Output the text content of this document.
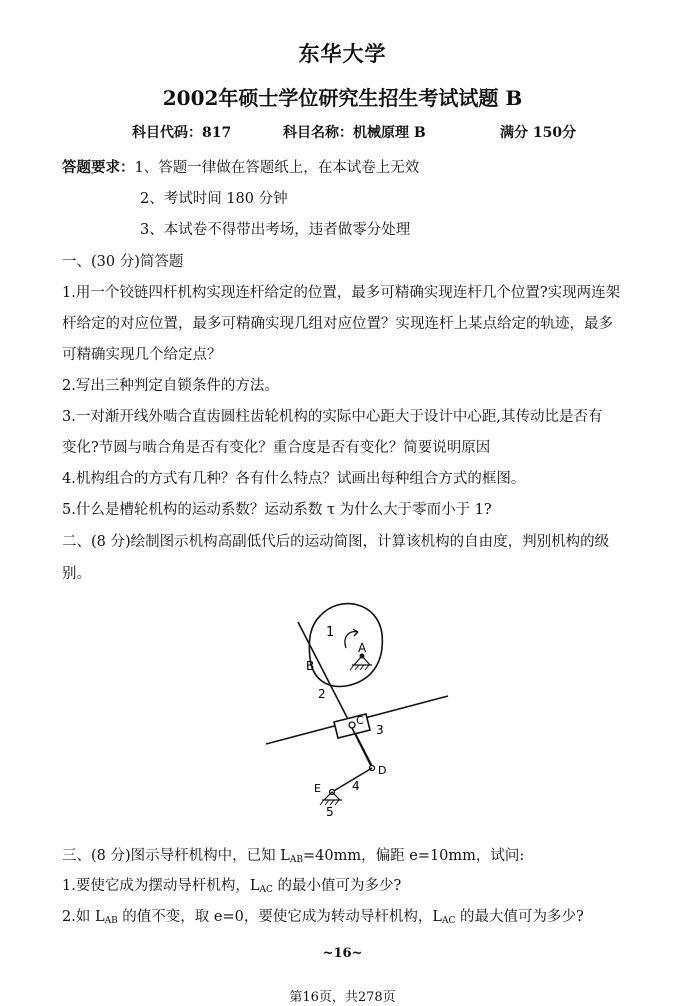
东华大学
2002年硕士学位研究生招生考试试题 B
科目代码：817	科目名称：机械原理 B	满分 150分
答题要求：1、答题一律做在答题纸上，在本试卷上无效
2、考试时间 180 分钟
3、本试卷不得带出考场，违者做零分处理
一、(30 分)简答题
1.用一个铰链四杆机构实现连杆给定的位置，最多可精确实现连杆几个位置?实现两连架
杆给定的对应位置，最多可精确实现几组对应位置？实现连杆上某点给定的轨迹，最多
可精确实现几个给定点？
2.写出三种判定自锁条件的方法。
3.一对渐开线外啮合直齿圆柱齿轮机构的实际中心距大于设计中心距,其传动比是否有
变化?节圆与啮合角是否有变化？重合度是否有变化？简要说明原因
4.机构组合的方式有几种？各有什么特点？试画出每种组合方式的框图。
5.什么是槽轮机构的运动系数？运动系数 τ 为什么大于零而小于 1?
二、(8 分)绘制图示机构高副低代后的运动简图，计算该机构的自由度，判别机构的级
别。
1
A
B
2
C
3
D
E	4
5
三、(8 分)图示导杆机构中，已知 $L_{AB}=40mm$，偏距 e=10mm，试问:
1.要使它成为摆动导杆机构，$L_{AC}$ 的最小值可为多少?
2.如 $L_{AB}$ 的值不变，取 e=0，要使它成为转动导杆机构，$L_{AC}$ 的最大值可为多少?
~16~
第16页，共278页
